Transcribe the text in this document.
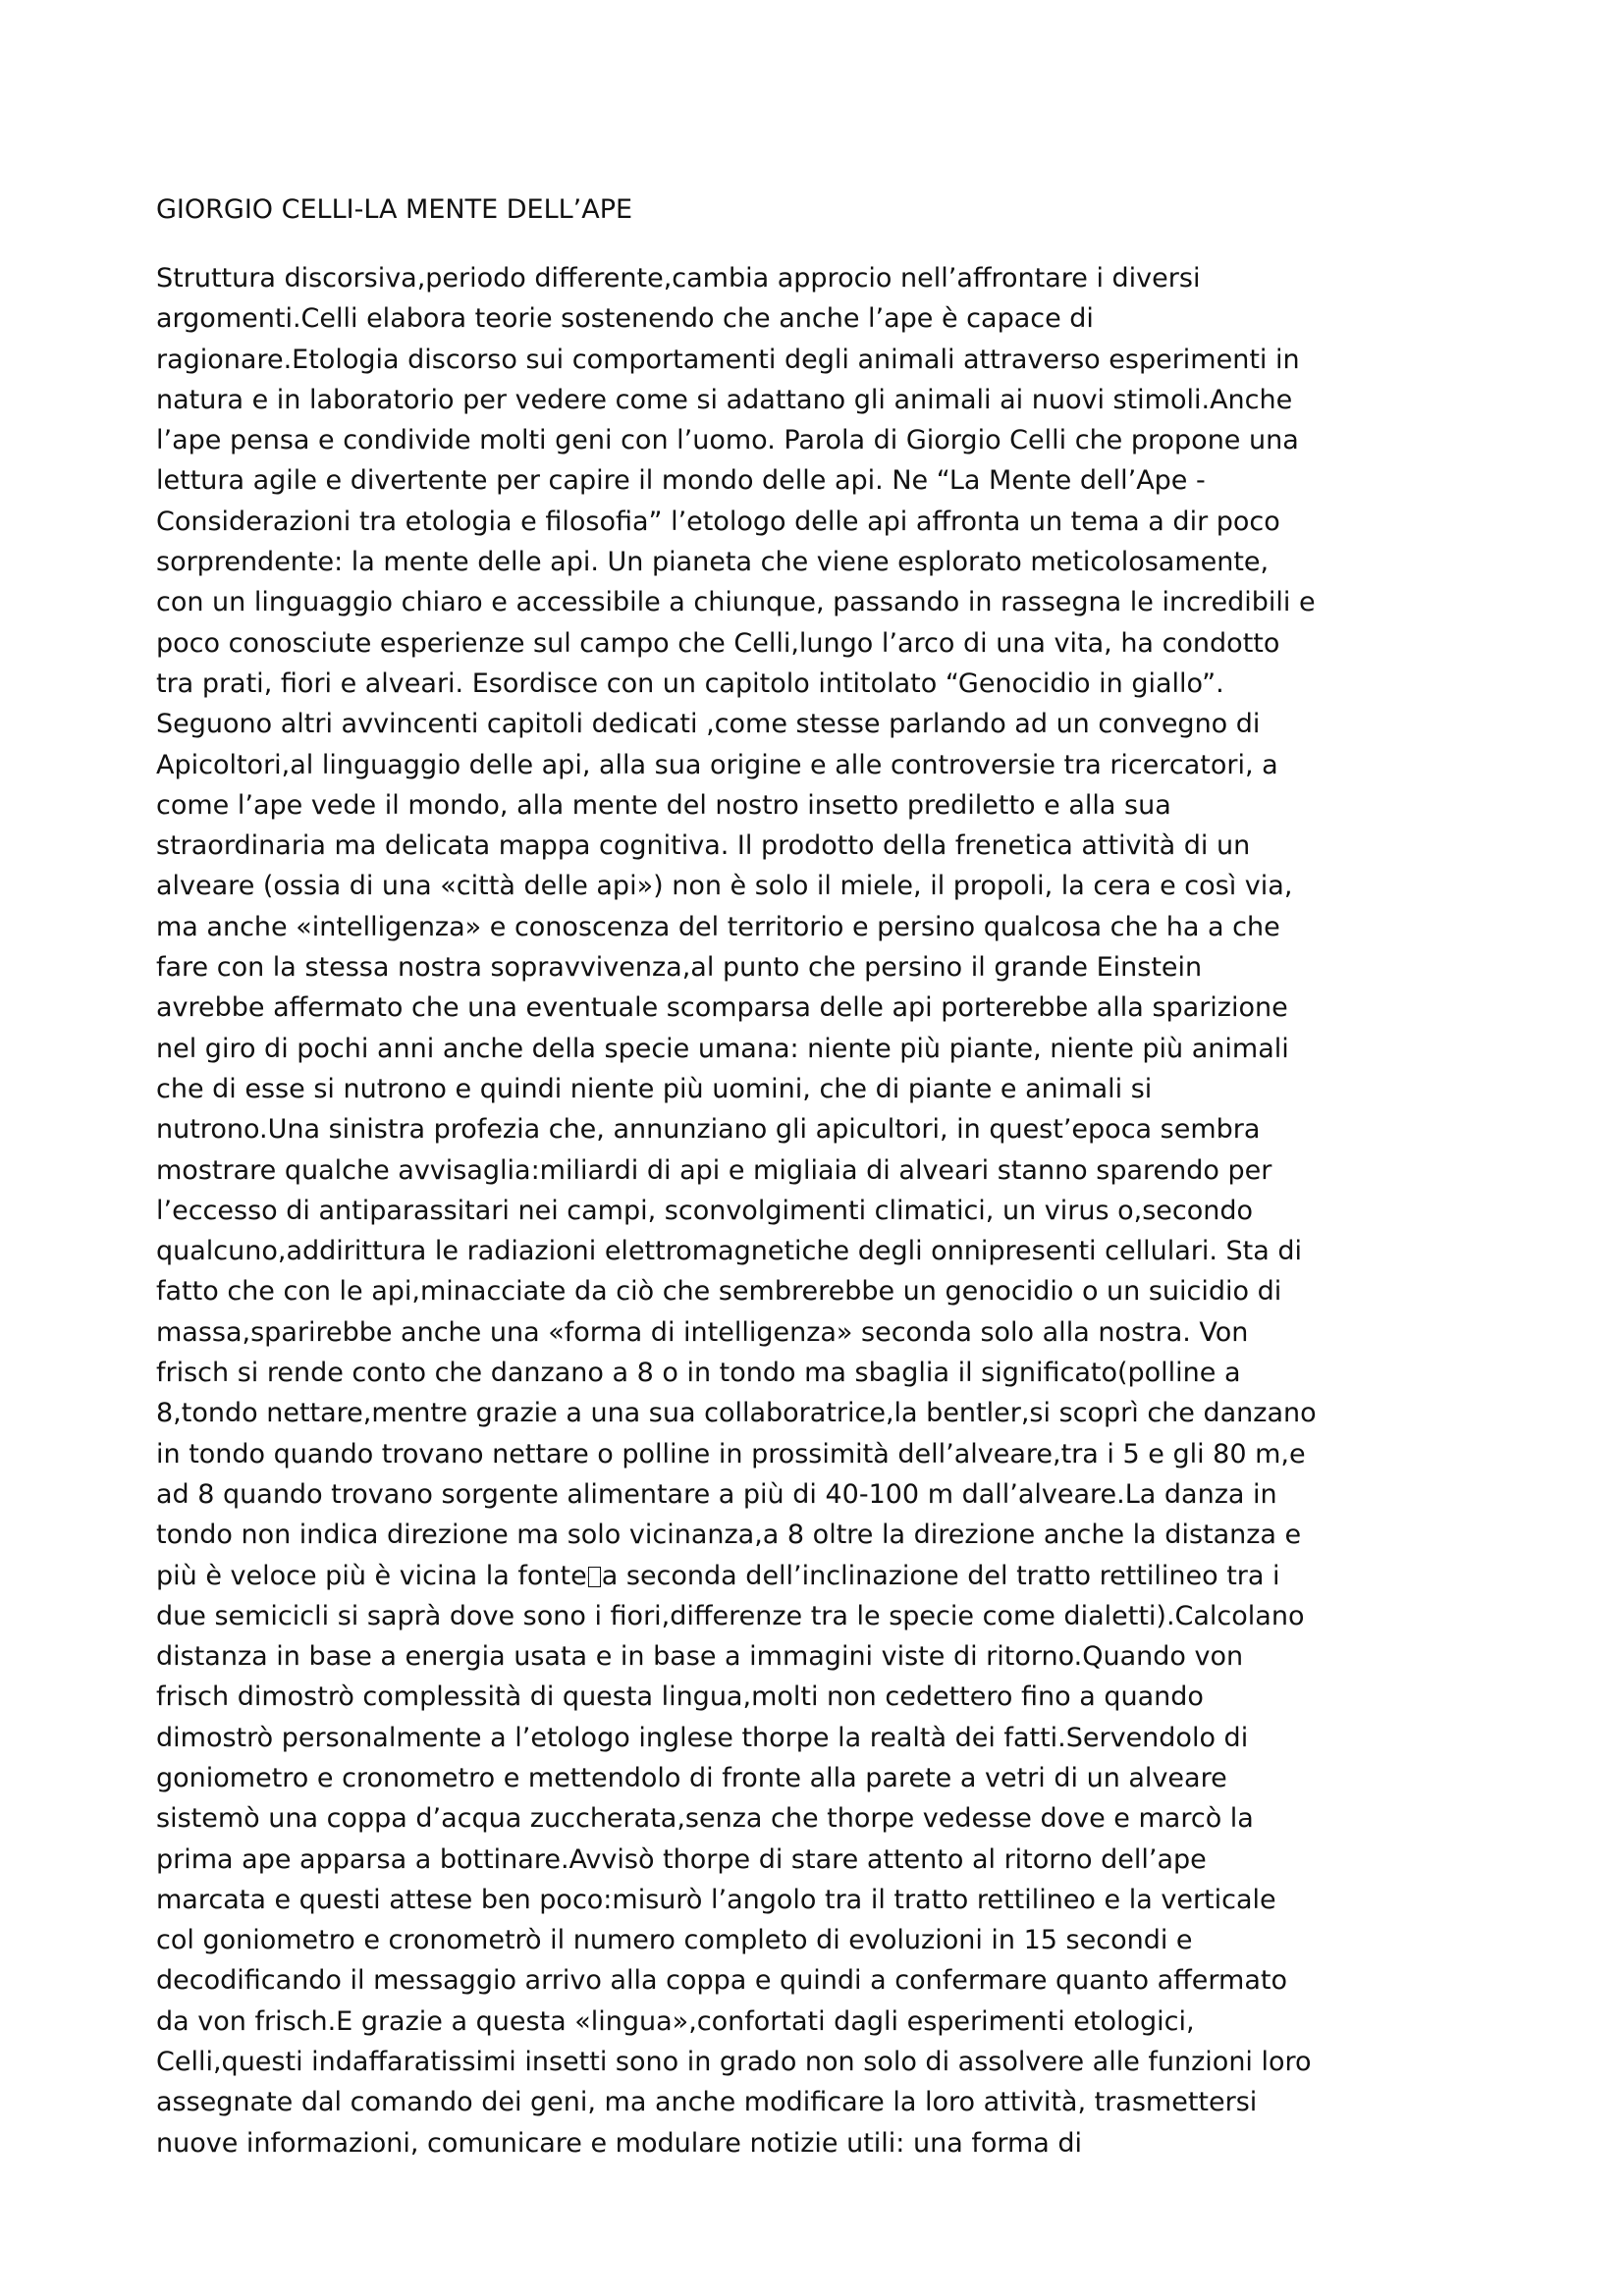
GIORGIO CELLI-LA MENTE DELL’APE
Struttura discorsiva,periodo differente,cambia approcio nell’affrontare i diversi
argomenti.Celli elabora teorie sostenendo che anche l’ape è capace di
ragionare.Etologia discorso sui comportamenti degli animali attraverso esperimenti in
natura e in laboratorio per vedere come si adattano gli animali ai nuovi stimoli.Anche
l’ape pensa e condivide molti geni con l’uomo. Parola di Giorgio Celli che propone una
lettura agile e divertente per capire il mondo delle api. Ne “La Mente dell’Ape -
Considerazioni tra etologia e filosofia” l’etologo delle api affronta un tema a dir poco
sorprendente: la mente delle api. Un pianeta che viene esplorato meticolosamente,
con un linguaggio chiaro e accessibile a chiunque, passando in rassegna le incredibili e
poco conosciute esperienze sul campo che Celli,lungo l’arco di una vita, ha condotto
tra prati, fiori e alveari. Esordisce con un capitolo intitolato “Genocidio in giallo”.
Seguono altri avvincenti capitoli dedicati ,come stesse parlando ad un convegno di
Apicoltori,al linguaggio delle api, alla sua origine e alle controversie tra ricercatori, a
come l’ape vede il mondo, alla mente del nostro insetto prediletto e alla sua
straordinaria ma delicata mappa cognitiva. Il prodotto della frenetica attività di un
alveare (ossia di una «città delle api») non è solo il miele, il propoli, la cera e così via,
ma anche «intelligenza» e conoscenza del territorio e persino qualcosa che ha a che
fare con la stessa nostra sopravvivenza,al punto che persino il grande Einstein
avrebbe affermato che una eventuale scomparsa delle api porterebbe alla sparizione
nel giro di pochi anni anche della specie umana: niente più piante, niente più animali
che di esse si nutrono e quindi niente più uomini, che di piante e animali si
nutrono.Una sinistra profezia che, annunziano gli apicultori, in quest’epoca sembra
mostrare qualche avvisaglia:miliardi di api e migliaia di alveari stanno sparendo per
l’eccesso di antiparassitari nei campi, sconvolgimenti climatici, un virus o,secondo
qualcuno,addirittura le radiazioni elettromagnetiche degli onnipresenti cellulari. Sta di
fatto che con le api,minacciate da ciò che sembrerebbe un genocidio o un suicidio di
massa,sparirebbe anche una «forma di intelligenza» seconda solo alla nostra. Von
frisch si rende conto che danzano a 8 o in tondo ma sbaglia il significato(polline a
8,tondo nettare,mentre grazie a una sua collaboratrice,la bentler,si scoprì che danzano
in tondo quando trovano nettare o polline in prossimità dell’alveare,tra i 5 e gli 80 m,e
ad 8 quando trovano sorgente alimentare a più di 40-100 m dall’alveare.La danza in
tondo non indica direzione ma solo vicinanza,a 8 oltre la direzione anche la distanza e
più è veloce più è vicina la fonte a seconda dell’inclinazione del tratto rettilineo tra i
due semicicli si saprà dove sono i fiori,differenze tra le specie come dialetti).Calcolano
distanza in base a energia usata e in base a immagini viste di ritorno.Quando von
frisch dimostrò complessità di questa lingua,molti non cedettero fino a quando
dimostrò personalmente a l’etologo inglese thorpe la realtà dei fatti.Servendolo di
goniometro e cronometro e mettendolo di fronte alla parete a vetri di un alveare
sistemò una coppa d’acqua zuccherata,senza che thorpe vedesse dove e marcò la
prima ape apparsa a bottinare.Avvisò thorpe di stare attento al ritorno dell’ape
marcata e questi attese ben poco:misurò l’angolo tra il tratto rettilineo e la verticale
col goniometro e cronometrò il numero completo di evoluzioni in 15 secondi e
decodificando il messaggio arrivo alla coppa e quindi a confermare quanto affermato
da von frisch.E grazie a questa «lingua»,confortati dagli esperimenti etologici,
Celli,questi indaffaratissimi insetti sono in grado non solo di assolvere alle funzioni loro
assegnate dal comando dei geni, ma anche modificare la loro attività, trasmettersi
nuove informazioni, comunicare e modulare notizie utili: una forma di
